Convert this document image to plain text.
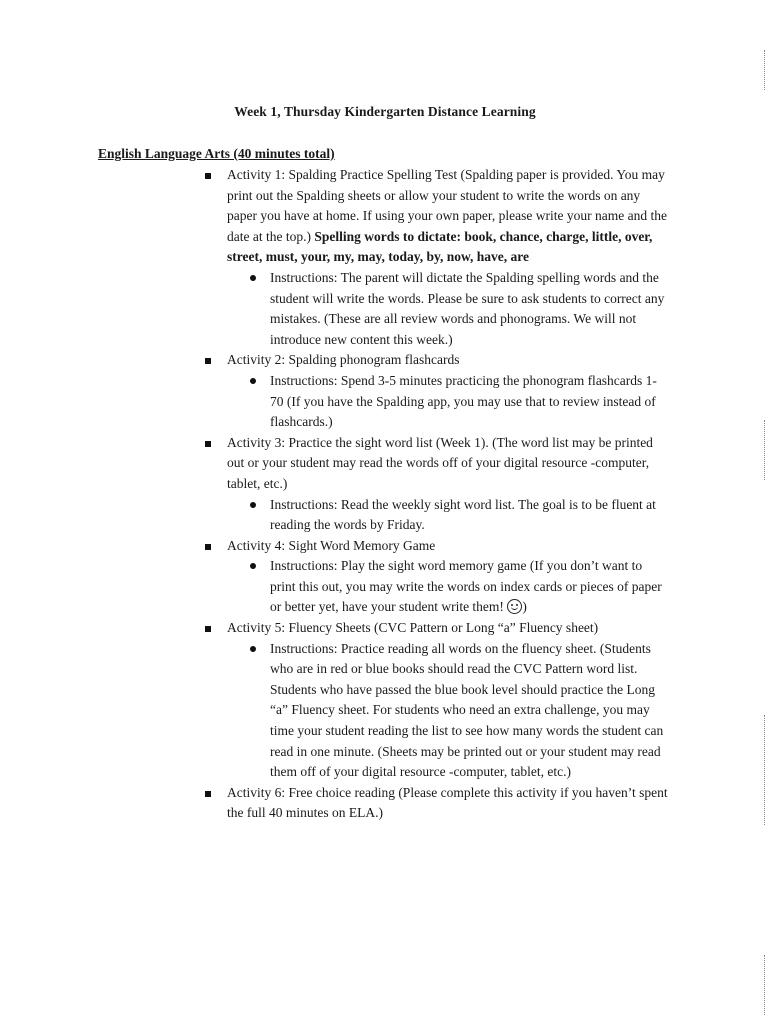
Week 1, Thursday Kindergarten Distance Learning
English Language Arts (40 minutes total)
Activity 1: Spalding Practice Spelling Test (Spalding paper is provided. You may print out the Spalding sheets or allow your student to write the words on any paper you have at home. If using your own paper, please write your name and the date at the top.) Spelling words to dictate: book, chance, charge, little, over, street, must, your, my, may, today, by, now, have, are
Instructions: The parent will dictate the Spalding spelling words and the student will write the words. Please be sure to ask students to correct any mistakes. (These are all review words and phonograms. We will not introduce new content this week.)
Activity 2: Spalding phonogram flashcards
Instructions: Spend 3-5 minutes practicing the phonogram flashcards 1-70 (If you have the Spalding app, you may use that to review instead of flashcards.)
Activity 3: Practice the sight word list (Week 1). (The word list may be printed out or your student may read the words off of your digital resource -computer, tablet, etc.)
Instructions: Read the weekly sight word list. The goal is to be fluent at reading the words by Friday.
Activity 4: Sight Word Memory Game
Instructions: Play the sight word memory game (If you don’t want to print this out, you may write the words on index cards or pieces of paper or better yet, have your student write them! )
Activity 5: Fluency Sheets (CVC Pattern or Long “a” Fluency sheet)
Instructions: Practice reading all words on the fluency sheet. (Students who are in red or blue books should read the CVC Pattern word list. Students who have passed the blue book level should practice the Long “a” Fluency sheet. For students who need an extra challenge, you may time your student reading the list to see how many words the student can read in one minute. (Sheets may be printed out or your student may read them off of your digital resource -computer, tablet, etc.)
Activity 6: Free choice reading (Please complete this activity if you haven’t spent the full 40 minutes on ELA.)
